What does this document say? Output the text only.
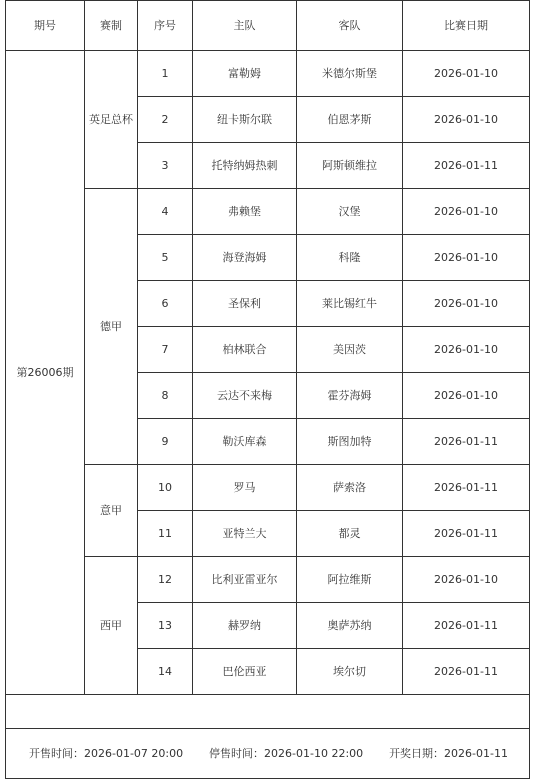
期号	赛制	序号	主队	客队	比赛日期
第26006期	英足总杯	1	富勒姆	米德尔斯堡	2026-01-10
		2	纽卡斯尔联	伯恩茅斯	2026-01-10
		3	托特纳姆热刺	阿斯顿维拉	2026-01-11
	德甲	4	弗赖堡	汉堡	2026-01-10
		5	海登海姆	科隆	2026-01-10
		6	圣保利	莱比锡红牛	2026-01-10
		7	柏林联合	美因茨	2026-01-10
		8	云达不来梅	霍芬海姆	2026-01-10
		9	勒沃库森	斯图加特	2026-01-11
	意甲	10	罗马	萨索洛	2026-01-11
		11	亚特兰大	都灵	2026-01-11
	西甲	12	比利亚雷亚尔	阿拉维斯	2026-01-10
		13	赫罗纳	奥萨苏纳	2026-01-11
		14	巴伦西亚	埃尔切	2026-01-11

开售时间：2026-01-07 20:00 停售时间：2026-01-10 22:00 开奖日期：2026-01-11					
